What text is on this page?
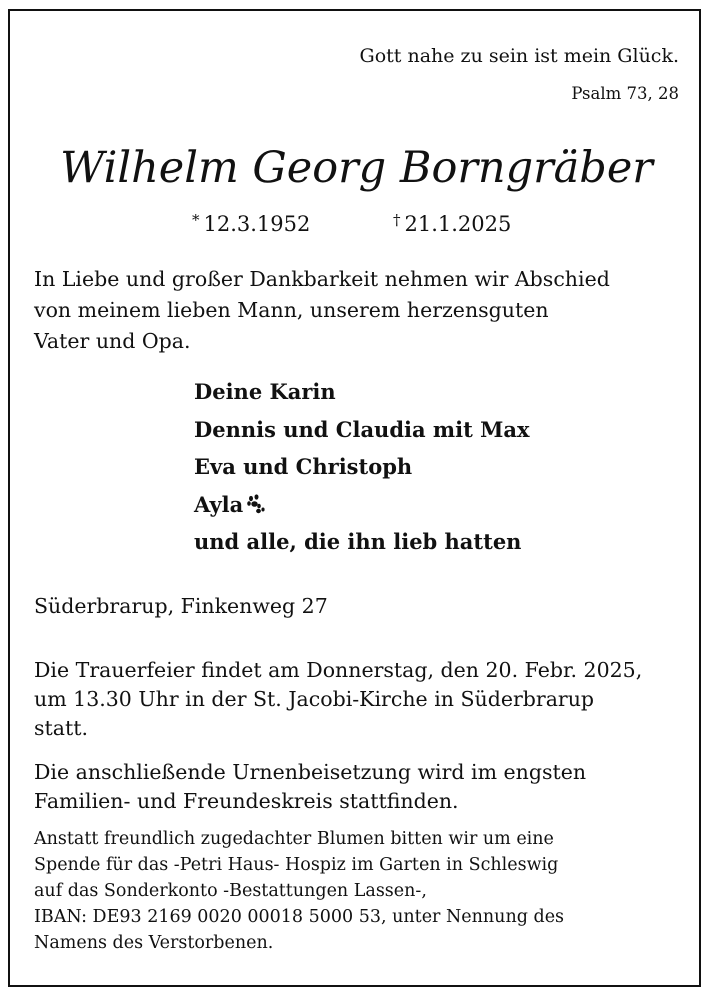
Gott nahe zu sein ist mein Glück.
Psalm 73, 28
Wilhelm Georg Borngräber
* 12.3.1952	† 21.1.2025
In Liebe und großer Dankbarkeit nehmen wir Abschied
von meinem lieben Mann, unserem herzensguten
Vater und Opa.
Deine Karin
Dennis und Claudia mit Max
Eva und Christoph
Ayla
und alle, die ihn lieb hatten
Süderbrarup, Finkenweg 27
Die Trauerfeier findet am Donnerstag, den 20. Febr. 2025,
um 13.30 Uhr in der St. Jacobi-Kirche in Süderbrarup
statt.
Die anschließende Urnenbeisetzung wird im engsten
Familien- und Freundeskreis stattfinden.
Anstatt freundlich zugedachter Blumen bitten wir um eine
Spende für das -Petri Haus- Hospiz im Garten in Schleswig
auf das Sonderkonto -Bestattungen Lassen-,
IBAN: DE93 2169 0020 00018 5000 53, unter Nennung des
Namens des Verstorbenen.
